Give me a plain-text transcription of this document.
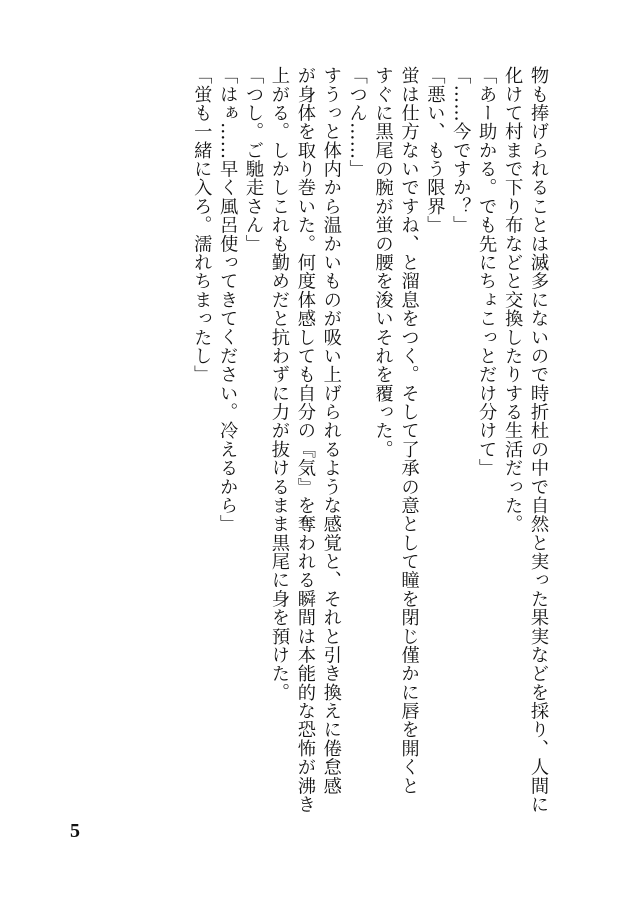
物も捧げられることは滅多にないので時折杜の中で自然と実った果実などを採り、人間に
化けて村まで下り布などと交換したりする生活だった。
「あー助かる。でも先にちょこっとだけ分けて」
「……今ですか？」
「悪い、もう限界」
蛍は仕方ないですね、と溜息をつく。そして了承の意として瞳を閉じ僅かに唇を開くと
すぐに黒尾の腕が蛍の腰を浚いそれを覆った。
「つん……」
すうっと体内から温かいものが吸い上げられるような感覚と、それと引き換えに倦怠感
が身体を取り巻いた。何度体感しても自分の『気』を奪われる瞬間は本能的な恐怖が沸き
上がる。しかしこれも勤めだと抗わずに力が抜けるまま黒尾に身を預けた。
「つし。ご馳走さん」
「はぁ……早く風呂使ってきてください。冷えるから」
「蛍も一緒に入ろ。濡れちまったし」
5
